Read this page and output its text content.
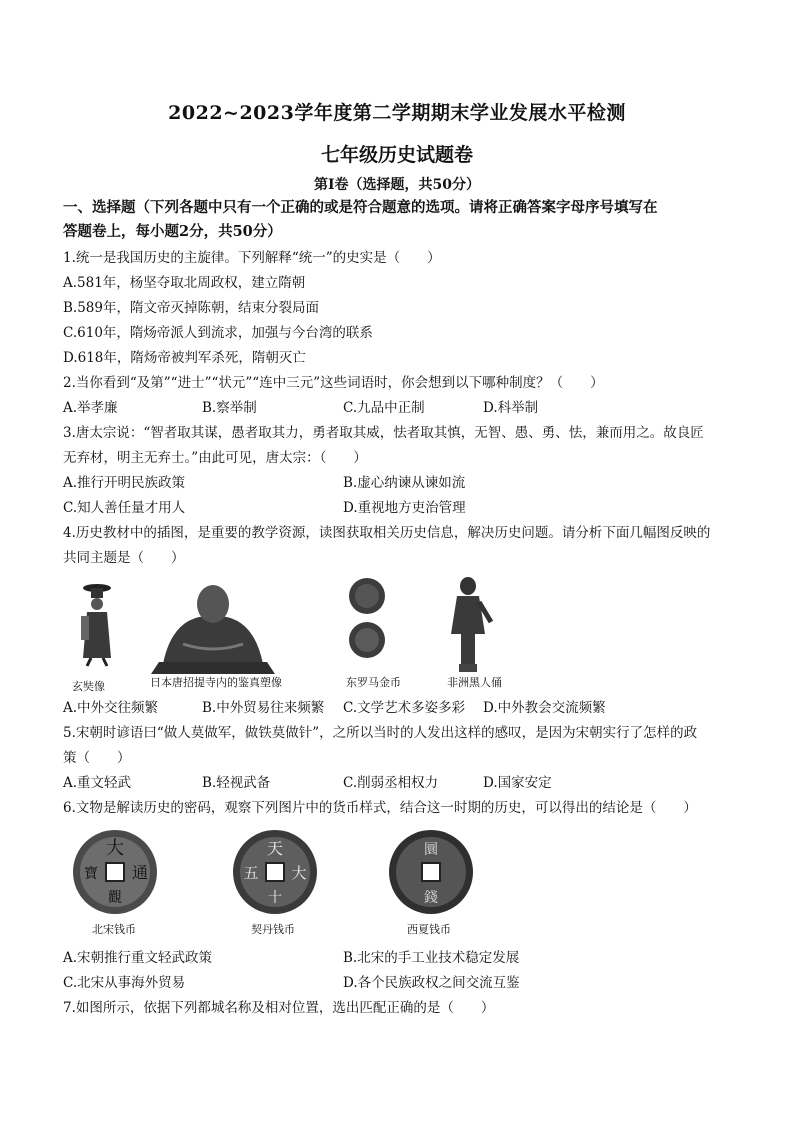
2022~2023学年度第二学期期末学业发展水平检测
七年级历史试题卷
第Ⅰ卷（选择题，共50分）
一、选择题（下列各题中只有一个正确的或是符合题意的选项。请将正确答案字母序号填写在
答题卷上，每小题2分，共50分）
1.统一是我国历史的主旋律。下列解释“统一”的史实是（　　）
A.581年，杨坚夺取北周政权，建立隋朝
B.589年，隋文帝灭掉陈朝，结束分裂局面
C.610年，隋炀帝派人到流求，加强与今台湾的联系
D.618年，隋炀帝被判军杀死，隋朝灭亡
2.当你看到“及第”“进士”“状元”“连中三元”这些词语时，你会想到以下哪种制度？（　　）
A.举孝廉	B.察举制	C.九品中正制	D.科举制
3.唐太宗说：“智者取其谋，愚者取其力，勇者取其威，怯者取其慎，无智、愚、勇、怯，兼而用之。故良匠
无弃材，明主无弃士。”由此可见，唐太宗：（　　）
A.推行开明民族政策	B.虚心纳谏从谏如流
C.知人善任量才用人	D.重视地方吏治管理
4.历史教材中的插图，是重要的教学资源，读图获取相关历史信息，解决历史问题。请分析下面几幅图反映的
共同主题是（　　）
玄奘像	日本唐招提寺内的鉴真塑像	东罗马金币	非洲黑人俑
A.中外交往频繁	B.中外贸易往来频繁 C.文学艺术多姿多彩 D.中外教会交流频繁
5.宋朝时谚语曰“做人莫做军，做铁莫做针”，之所以当时的人发出这样的感叹，是因为宋朝实行了怎样的政
策（　　）
A.重文轻武	B.轻视武备	C.削弱丞相权力	D.国家安定
6.文物是解读历史的密码，观察下列图片中的货币样式，结合这一时期的历史，可以得出的结论是（　　）
大
通
寶
觀
天
五
十
大
圜
錢
北宋钱币	契丹钱币	西夏钱币
A.宋朝推行重文轻武政策	B.北宋的手工业技术稳定发展
C.北宋从事海外贸易	D.各个民族政权之间交流互鉴
7.如图所示，依据下列都城名称及相对位置，选出匹配正确的是（　　）
